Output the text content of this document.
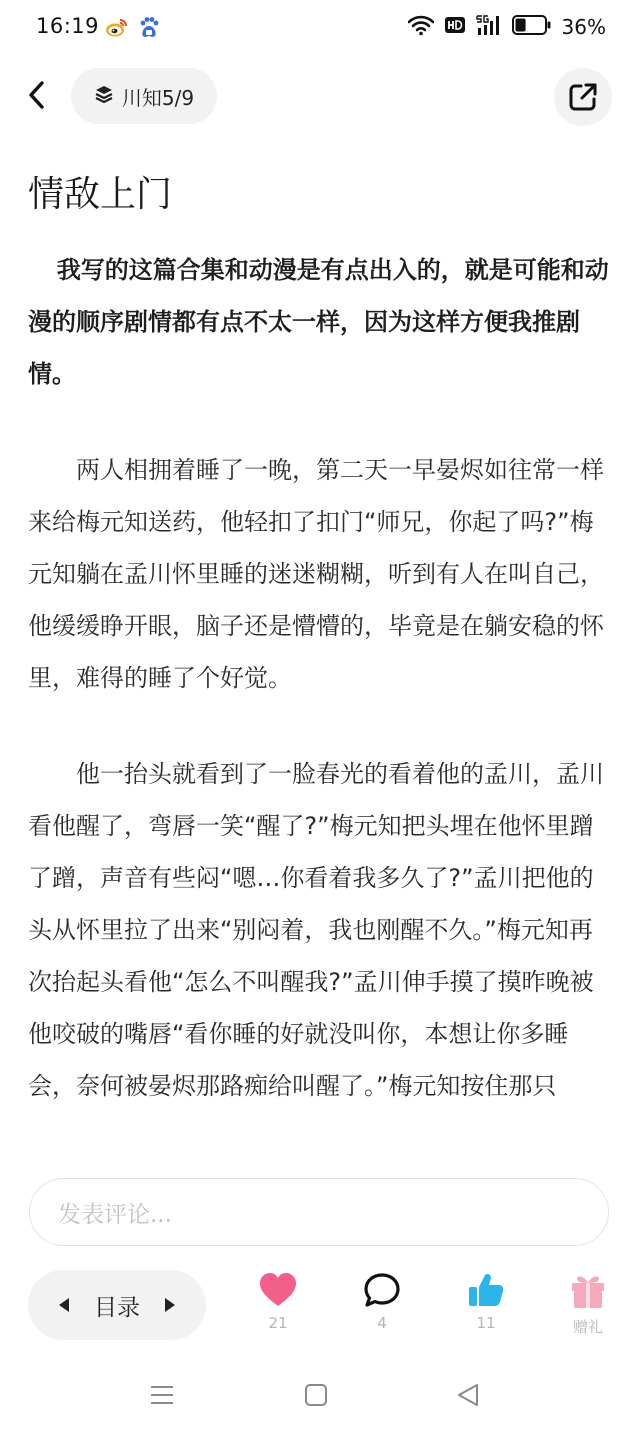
16:19	36%
川知5/9
情敌上门

我写的这篇合集和动漫是有点出入的，就是可能和动漫的顺序剧情都有点不太一样，因为这样方便我推剧情。

两人相拥着睡了一晚，第二天一早晏烬如往常一样来给梅元知送药，他轻扣了扣门“师兄，你起了吗?”梅元知躺在孟川怀里睡的迷迷糊糊，听到有人在叫自己，他缓缓睁开眼，脑子还是懵懵的，毕竟是在躺安稳的怀里，难得的睡了个好觉。

他一抬头就看到了一脸春光的看着他的孟川，孟川看他醒了，弯唇一笑“醒了?”梅元知把头埋在他怀里蹭了蹭，声音有些闷“嗯…你看着我多久了?”孟川把他的头从怀里拉了出来“别闷着，我也刚醒不久。”梅元知再次抬起头看他“怎么不叫醒我?”孟川伸手摸了摸昨晚被他咬破的嘴唇“看你睡的好就没叫你，本想让你多睡会，奈何被晏烬那路痴给叫醒了。”梅元知按住那只

发表评论...
目录
21	4	11	赠礼
